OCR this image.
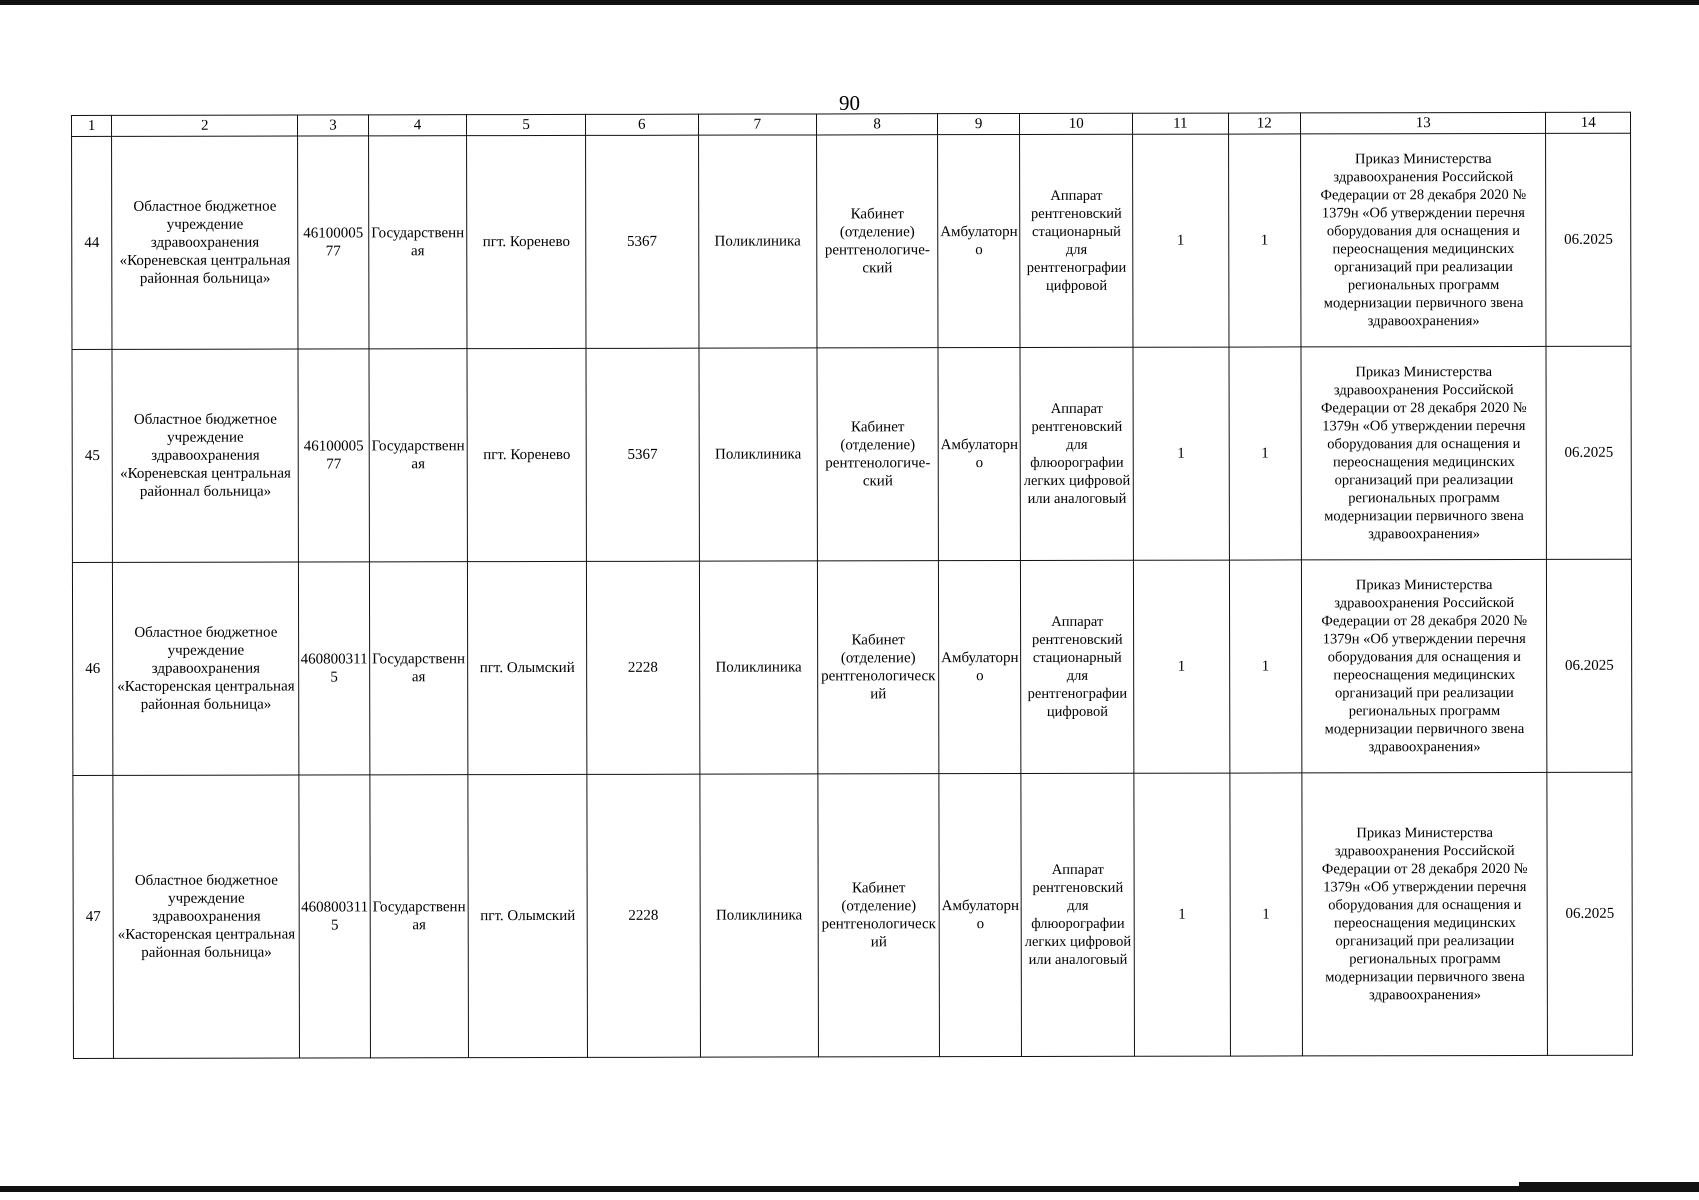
90
1	2	3	4	5	6	7	8	9	10	11	12	13	14
44	Областное бюджетное учреждение здравоохранения «Кореневская центральная районная больница»	4610000577	Государственная	пгт. Коренево	5367	Поликлиника	Кабинет (отделение) рентгенологиче-ский	Амбулаторно	Аппарат рентгеновский стационарный для рентгенографии цифровой	1	1	Приказ Министерства здравоохранения Российской Федерации от 28 декабря 2020 № 1379н «Об утверждении перечня оборудования для оснащения и переоснащения медицинских организаций при реализации региональных программ модернизации первичного звена здравоохранения»	06.2025
45	Областное бюджетное учреждение здравоохранения «Кореневская центральная районнал больница»	4610000577	Государственная	пгт. Коренево	5367	Поликлиника	Кабинет (отделение) рентгенологиче-ский	Амбулаторно	Аппарат рентгеновский для флюорографии легких цифровой или аналоговый	1	1	Приказ Министерства здравоохранения Российской Федерации от 28 декабря 2020 № 1379н «Об утверждении перечня оборудования для оснащения и переоснащения медицинских организаций при реализации региональных программ модернизации первичного звена здравоохранения»	06.2025
46	Областное бюджетное учреждение здравоохранения «Касторенская центральная районная больница»	4608003115	Государственная	пгт. Олымский	2228	Поликлиника	Кабинет (отделение) рентгенологический	Амбулаторно	Аппарат рентгеновский стационарный для рентгенографии цифровой	1	1	Приказ Министерства здравоохранения Российской Федерации от 28 декабря 2020 № 1379н «Об утверждении перечня оборудования для оснащения и переоснащения медицинских организаций при реализации региональных программ модернизации первичного звена здравоохранения»	06.2025
47	Областное бюджетное учреждение здравоохранения «Касторенская центральная районная больница»	4608003115	Государственная	пгт. Олымский	2228	Поликлиника	Кабинет (отделение) рентгенологический	Амбулаторно	Аппарат рентгеновский для флюорографии легких цифровой или аналоговый	1	1	Приказ Министерства здравоохранения Российской Федерации от 28 декабря 2020 № 1379н «Об утверждении перечня оборудования для оснащения и переоснащения медицинских организаций при реализации региональных программ модернизации первичного звена здравоохранения»	06.2025
